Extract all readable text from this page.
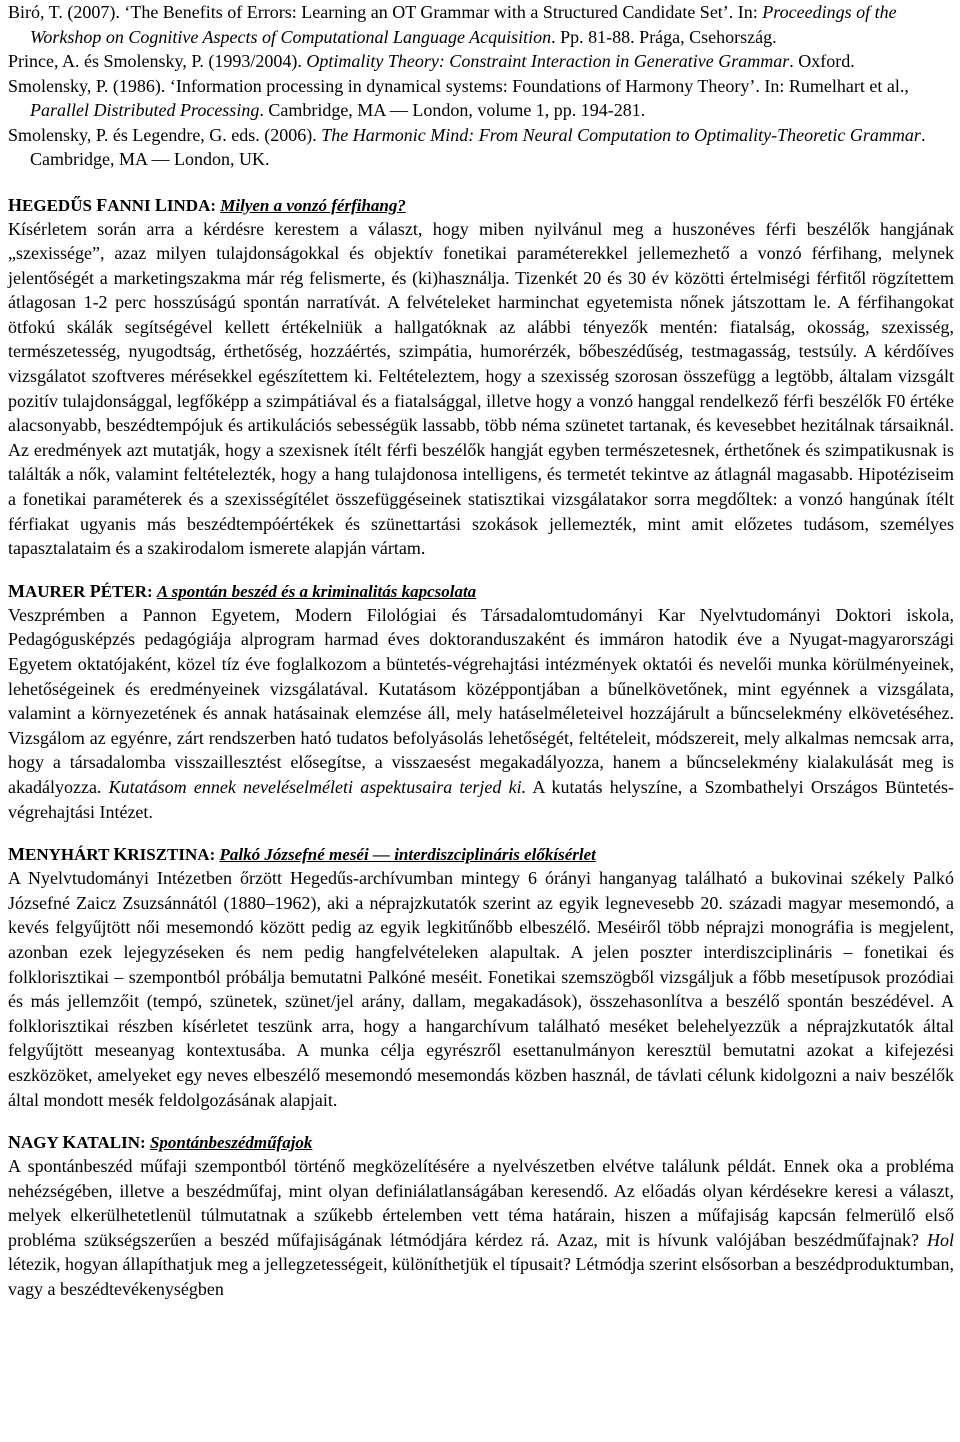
Biró, T. (2007). ‘The Benefits of Errors: Learning an OT Grammar with a Structured Candidate Set’. In: Proceedings of the Workshop on Cognitive Aspects of Computational Language Acquisition. Pp. 81-88. Prága, Csehország.
Prince, A. és Smolensky, P. (1993/2004). Optimality Theory: Constraint Interaction in Generative Grammar. Oxford.
Smolensky, P. (1986). ‘Information processing in dynamical systems: Foundations of Harmony Theory’. In: Rumelhart et al., Parallel Distributed Processing. Cambridge, MA — London, volume 1, pp. 194-281.
Smolensky, P. és Legendre, G. eds. (2006). The Harmonic Mind: From Neural Computation to Optimality-Theoretic Grammar. Cambridge, MA — London, UK.
HEGEDŰS FANNI LINDA: Milyen a vonzó férfihang?
Kísérletem során arra a kérdésre kerestem a választ, hogy miben nyilvánul meg a huszonéves férfi beszélők hangjának „szexissége”, azaz milyen tulajdonságokkal és objektív fonetikai paraméterekkel jellemezhető a vonzó férfihang, melynek jelentőségét a marketingszakma már rég felismerte, és (ki)használja. Tizenkét 20 és 30 év közötti értelmiségi férfitől rögzítettem átlagosan 1-2 perc hosszúságú spontán narratívát. A felvételeket harminchat egyetemista nőnek játszottam le. A férfihangokat ötfokú skálák segítségével kellett értékelniük a hallgatóknak az alábbi tényezők mentén: fiatalság, okosság, szexisség, természetesség, nyugodtság, érthetőség, hozzáértés, szimpátia, humorérzék, bőbeszédűség, testmagasság, testsúly. A kérdőíves vizsgálatot szoftveres mérésekkel egészítettem ki. Feltételeztem, hogy a szexisség szorosan összefügg a legtöbb, általam vizsgált pozitív tulajdonsággal, legfőképp a szimpátiával és a fiatalsággal, illetve hogy a vonzó hanggal rendelkező férfi beszélők F0 értéke alacsonyabb, beszédtempójuk és artikulációs sebességük lassabb, több néma szünetet tartanak, és kevesebbet hezitálnak társaiknál. Az eredmények azt mutatják, hogy a szexisnek ítélt férfi beszélők hangját egyben természetesnek, érthetőnek és szimpatikusnak is találták a nők, valamint feltételezték, hogy a hang tulajdonosa intelligens, és termetét tekintve az átlagnál magasabb. Hipotéziseim a fonetikai paraméterek és a szexisségítélet összefüggéseinek statisztikai vizsgálatakor sorra megdőltek: a vonzó hangúnak ítélt férfiakat ugyanis más beszédtempóértékek és szünettartási szokások jellemezték, mint amit előzetes tudásom, személyes tapasztalataim és a szakirodalom ismerete alapján vártam.
MAURER PÉTER: A spontán beszéd és a kriminalitás kapcsolata
Veszprémben a Pannon Egyetem, Modern Filológiai és Társadalomtudományi Kar Nyelvtudományi Doktori iskola, Pedagógusképzés pedagógiája alprogram harmad éves doktoranduszaként és immáron hatodik éve a Nyugat-magyarországi Egyetem oktatójaként, közel tíz éve foglalkozom a büntetés-végrehajtási intézmények oktatói és nevelői munka körülményeinek, lehetőségeinek és eredményeinek vizsgálatával. Kutatásom középpontjában a bűnelkövetőnek, mint egyénnek a vizsgálata, valamint a környezetének és annak hatásainak elemzése áll, mely hatáselméleteivel hozzájárult a bűncselekmény elkövetéséhez. Vizsgálom az egyénre, zárt rendszerben ható tudatos befolyásolás lehetőségét, feltételeit, módszereit, mely alkalmas nemcsak arra, hogy a társadalomba visszaillesztést elősegítse, a visszaesést megakadályozza, hanem a bűncselekmény kialakulását meg is akadályozza. Kutatásom ennek neveléselméleti aspektusaira terjed ki. A kutatás helyszíne, a Szombathelyi Országos Büntetés-végrehajtási Intézet.
MENYHÁRT KRISZTINA: Palkó Józsefné meséi — interdiszciplináris előkísérlet
A Nyelvtudományi Intézetben őrzött Hegedűs-archívumban mintegy 6 órányi hanganyag található a bukovinai székely Palkó Józsefné Zaicz Zsuzsánnától (1880–1962), aki a néprajzkutatók szerint az egyik legnevesebb 20. századi magyar mesemondó, a kevés felgyűjtött női mesemondó között pedig az egyik legkitűnőbb elbeszélő. Meséiről több néprajzi monográfia is megjelent, azonban ezek lejegyzéseken és nem pedig hangfelvételeken alapultak. A jelen poszter interdiszciplináris – fonetikai és folklorisztikai – szempontból próbálja bemutatni Palkóné meséit. Fonetikai szemszögből vizsgáljuk a főbb mesetípusok prozódiai és más jellemzőit (tempó, szünetek, szünet/jel arány, dallam, megakadások), összehasonlítva a beszélő spontán beszédével. A folklorisztikai részben kísérletet teszünk arra, hogy a hangarchívum található meséket belehelyezzük a néprajzkutatók által felgyűjtött meseanyag kontextusába. A munka célja egyrészről esettanulmányon keresztül bemutatni azokat a kifejezési eszközöket, amelyeket egy neves elbeszélő mesemondó mesemondás közben használ, de távlati célunk kidolgozni a naiv beszélők által mondott mesék feldolgozásának alapjait.
NAGY KATALIN: Spontánbeszédműfajok
A spontánbeszéd műfaji szempontból történő megközelítésére a nyelvészetben elvétve találunk példát. Ennek oka a probléma nehézségében, illetve a beszédműfaj, mint olyan definiálatlanságában keresendő. Az előadás olyan kérdésekre keresi a választ, melyek elkerülhetetlenül túlmutatnak a szűkebb értelemben vett téma határain, hiszen a műfajiság kapcsán felmerülő első probléma szükségszerűen a beszéd műfajiságának létmódjára kérdez rá. Azaz, mit is hívunk valójában beszédműfajnak? Hol létezik, hogyan állapíthatjuk meg a jellegzetességeit, különíthetjük el típusait? Létmódja szerint elsősorban a beszédproduktumban, vagy a beszédtevékenységben
